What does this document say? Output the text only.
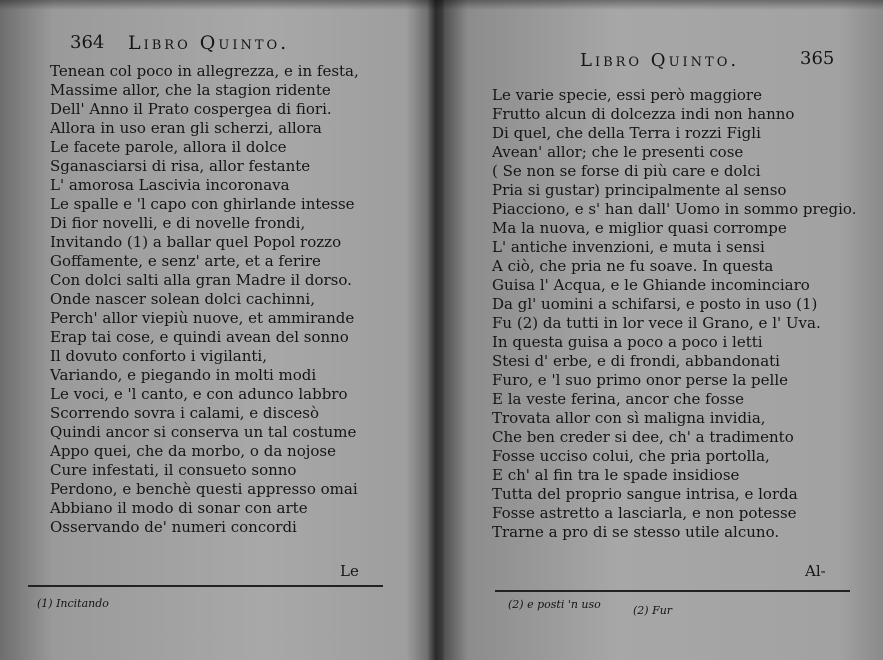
364 Libro Quinto.
Tenean col poco in allegrezza, e in festa,
Massime allor, che la stagion ridente
Dell' Anno il Prato cospergea di fiori.
Allora in uso eran gli scherzi, allora
Le facete parole, allora il dolce
Sganasciarsi di risa, allor festante
L' amorosa Lascivia incoronava
Le spalle e 'l capo con ghirlande intesse
Di fior novelli, e di novelle frondi,
Invitando (1) a ballar quel Popol rozzo
Goffamente, e senz' arte, et a ferire
Con dolci salti alla gran Madre il dorso.
Onde nascer solean dolci cachinni,
Perch' allor viepiù nuove, et ammirande
Erap tai cose, e quindi avean del sonno
Il dovuto conforto i vigilanti,
Variando, e piegando in molti modi
Le voci, e 'l canto, e con adunco labbro
Scorrendo sovra i calami, e discesò
Quindi ancor si conserva un tal costume
Appo quei, che da morbo, o da nojose
Cure infestati, il consueto sonno
Perdono, e benchè questi appresso omai
Abbiano il modo di sonar con arte
Osservando de' numeri concordi
Le
(1) Incitando
Libro Quinto.	365
Le varie specie, essi però maggiore
Frutto alcun di dolcezza indi non hanno
Di quel, che della Terra i rozzi Figli
Avean' allor; che le presenti cose
( Se non se forse di più care e dolci
Pria si gustar) principalmente al senso
Piacciono, e s' han dall' Uomo in sommo pregio.
Ma la nuova, e miglior quasi corrompe
L' antiche invenzioni, e muta i sensi
A ciò, che pria ne fu soave. In questa
Guisa l' Acqua, e le Ghiande incominciaro
Da gl' uomini a schifarsi, e posto in uso (1)
Fu (2) da tutti in lor vece il Grano, e l' Uva.
In questa guisa a poco a poco i letti
Stesi d' erbe, e di frondi, abbandonati
Furo, e 'l suo primo onor perse la pelle
E la veste ferina, ancor che fosse
Trovata allor con sì maligna invidia,
Che ben creder si dee, ch' a tradimento
Fosse ucciso colui, che pria portolla,
E ch' al fin tra le spade insidiose
Tutta del proprio sangue intrisa, e lorda
Fosse astretto a lasciarla, e non potesse
Trarne a pro di se stesso utile alcuno.
Al-
(2) e posti 'n uso	(2) Fur
